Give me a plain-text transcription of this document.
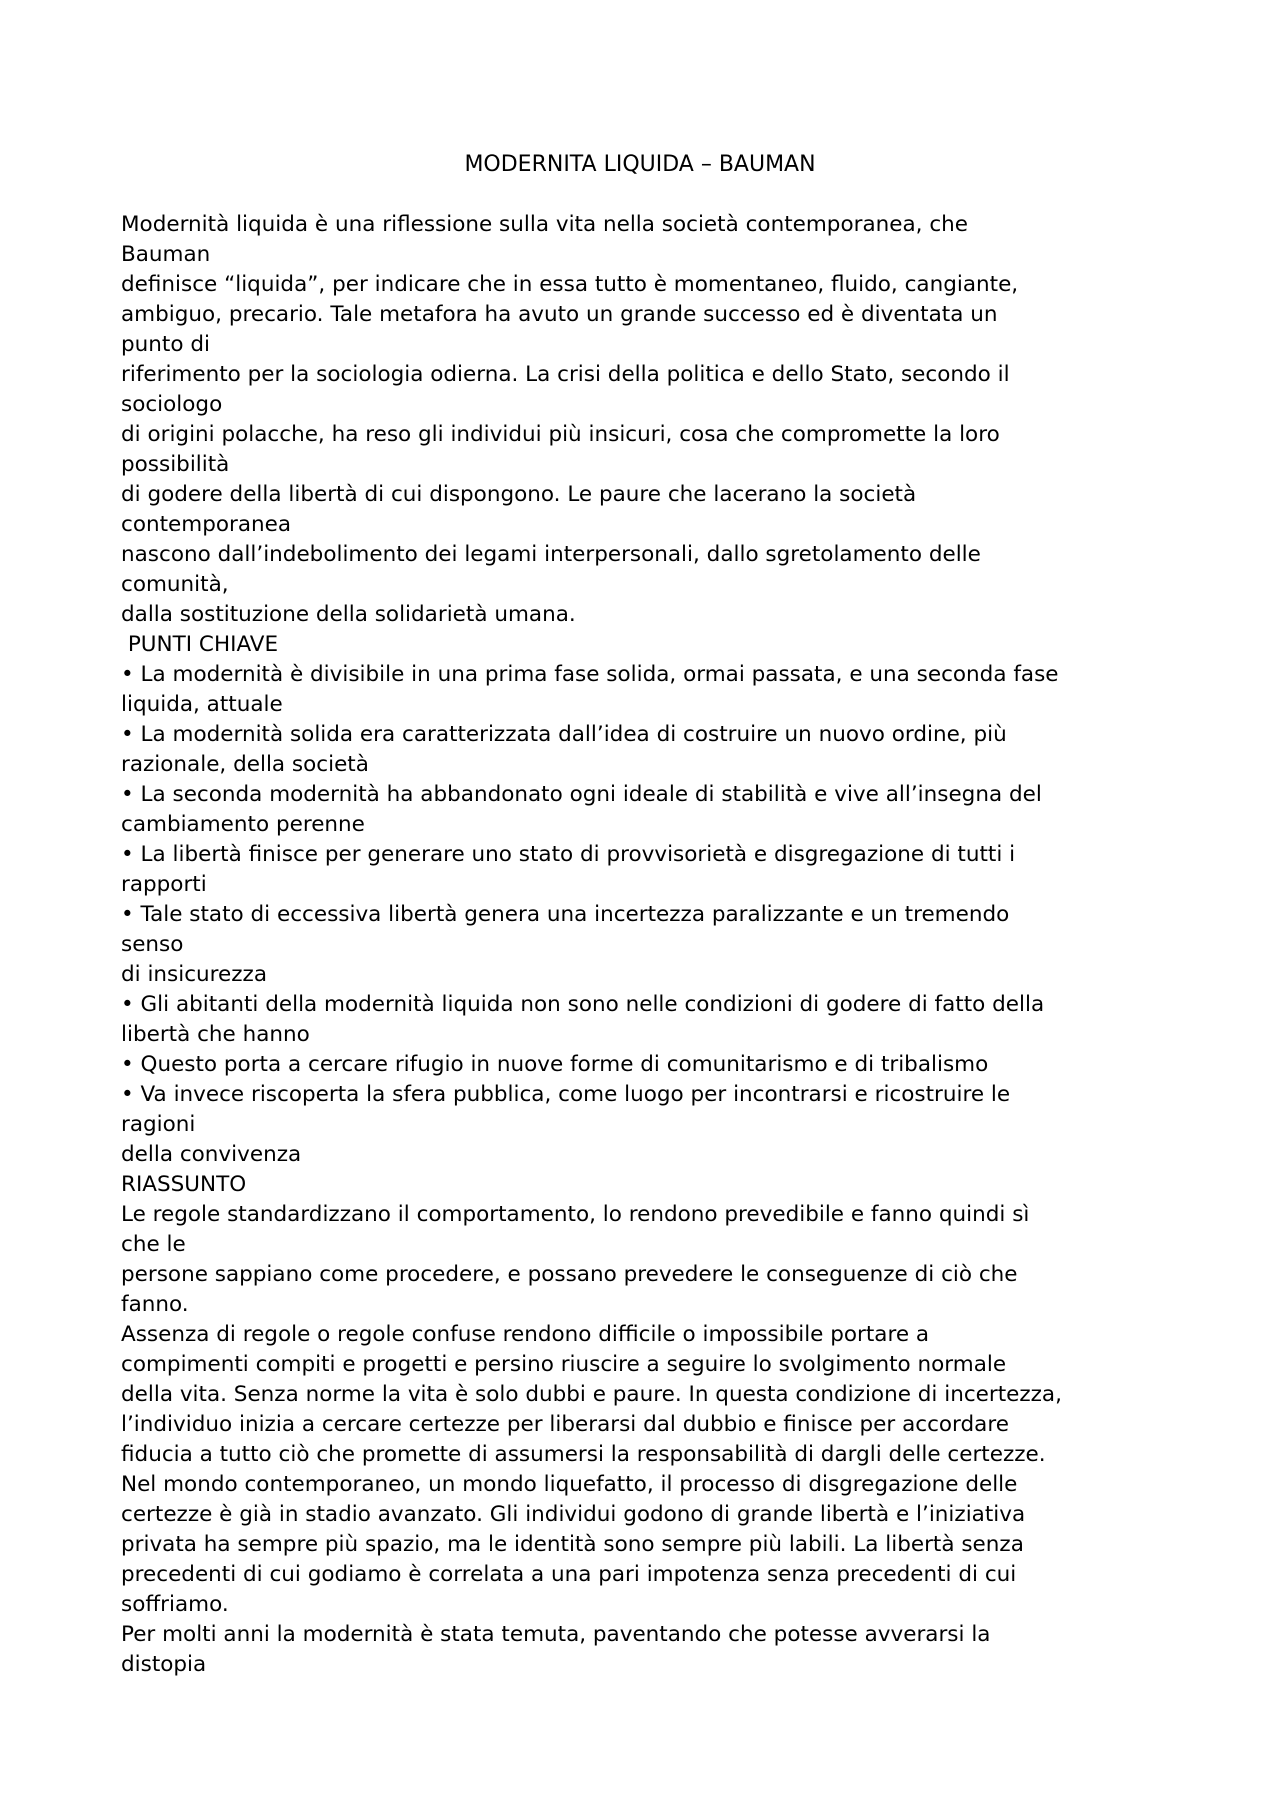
MODERNITA LIQUIDA – BAUMAN
Modernità liquida è una riflessione sulla vita nella società contemporanea, che
Bauman
definisce “liquida”, per indicare che in essa tutto è momentaneo, fluido, cangiante,
ambiguo, precario. Tale metafora ha avuto un grande successo ed è diventata un
punto di
riferimento per la sociologia odierna. La crisi della politica e dello Stato, secondo il
sociologo
di origini polacche, ha reso gli individui più insicuri, cosa che compromette la loro
possibilità
di godere della libertà di cui dispongono. Le paure che lacerano la società
contemporanea
nascono dall’indebolimento dei legami interpersonali, dallo sgretolamento delle
comunità,
dalla sostituzione della solidarietà umana.
PUNTI CHIAVE
• La modernità è divisibile in una prima fase solida, ormai passata, e una seconda fase
liquida, attuale
• La modernità solida era caratterizzata dall’idea di costruire un nuovo ordine, più
razionale, della società
• La seconda modernità ha abbandonato ogni ideale di stabilità e vive all’insegna del
cambiamento perenne
• La libertà finisce per generare uno stato di provvisorietà e disgregazione di tutti i
rapporti
• Tale stato di eccessiva libertà genera una incertezza paralizzante e un tremendo
senso
di insicurezza
• Gli abitanti della modernità liquida non sono nelle condizioni di godere di fatto della
libertà che hanno
• Questo porta a cercare rifugio in nuove forme di comunitarismo e di tribalismo
• Va invece riscoperta la sfera pubblica, come luogo per incontrarsi e ricostruire le
ragioni
della convivenza
RIASSUNTO
Le regole standardizzano il comportamento, lo rendono prevedibile e fanno quindi sì
che le
persone sappiano come procedere, e possano prevedere le conseguenze di ciò che
fanno.
Assenza di regole o regole confuse rendono difficile o impossibile portare a
compimenti compiti e progetti e persino riuscire a seguire lo svolgimento normale
della vita. Senza norme la vita è solo dubbi e paure. In questa condizione di incertezza,
l’individuo inizia a cercare certezze per liberarsi dal dubbio e finisce per accordare
fiducia a tutto ciò che promette di assumersi la responsabilità di dargli delle certezze.
Nel mondo contemporaneo, un mondo liquefatto, il processo di disgregazione delle
certezze è già in stadio avanzato. Gli individui godono di grande libertà e l’iniziativa
privata ha sempre più spazio, ma le identità sono sempre più labili. La libertà senza
precedenti di cui godiamo è correlata a una pari impotenza senza precedenti di cui
soffriamo.
Per molti anni la modernità è stata temuta, paventando che potesse avverarsi la
distopia
